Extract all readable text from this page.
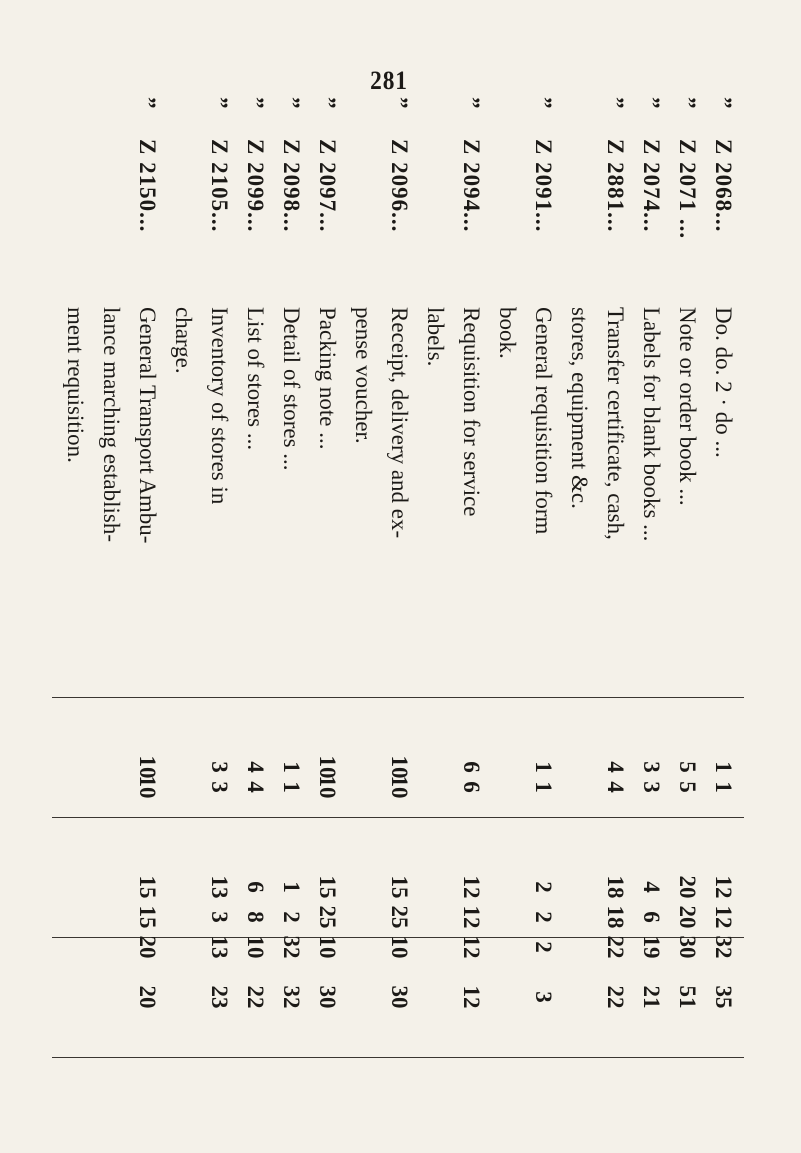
281
”
Z 2068...
Do. do. 2 · do ...
1
1
12
12
32
35
”
Z 2071 ...
Note or order book ...
5
5
20
20
30
51
”
Z 2074...
Labels for blank books ...
3
3
4
6
19
21
”
Z 2881...
Transfer certificate, cash,
4
4
18
18
22
22
stores, equipment &c.
”
Z 2091...
General requisition form
1
1
2
2
2
3
book.
”
Z 2094...
Requisition for service
6
6
12
12
12
12
labels.
”
Z 2096...
Receipt, delivery and ex-
10
10
15
25
10
30
pense voucher.
”
Z 2097...
Packing note ...
10
10
15
25
10
30
”
Z 2098...
Detail of stores ...
1
1
1
2
32
32
”
Z 2099...
List of stores ...
4
4
6
8
10
22
”
Z 2105...
Inventory of stores in
3
3
13
3
13
23
charge.
”
Z 2150...
General Transport Ambu-
10
10
15
15
20
20
lance marching establish-
ment requisition.
